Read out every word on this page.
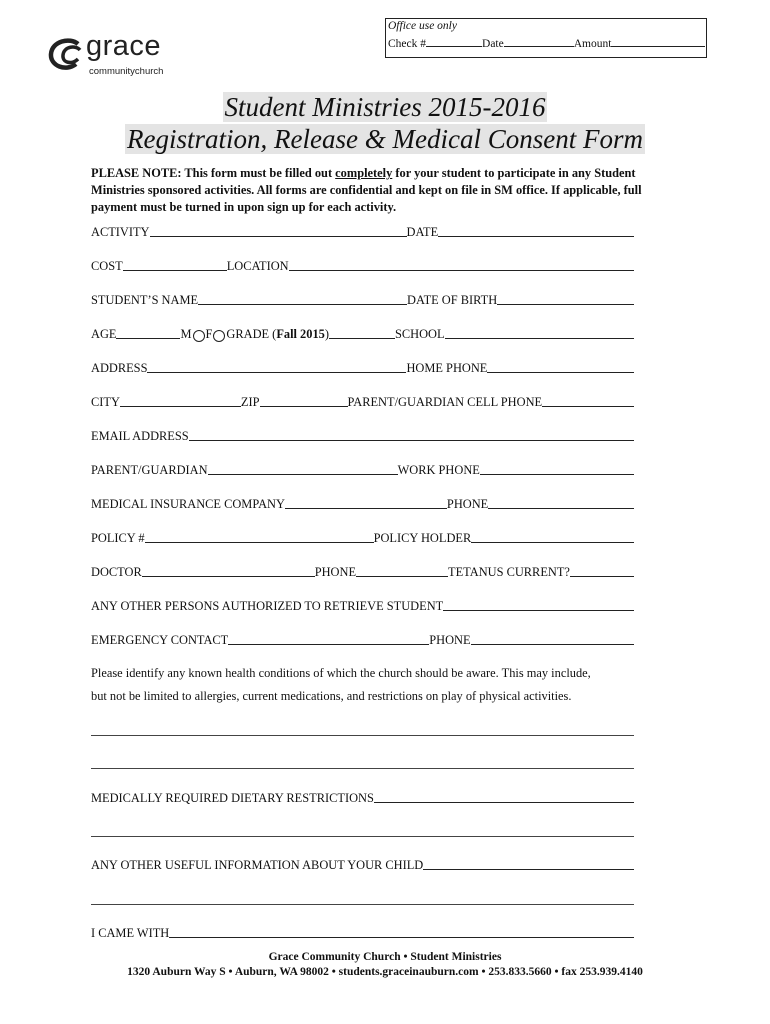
Office use only
Check #	Date	Amount
grace
communitychurch
Student Ministries 2015-2016
Registration, Release & Medical Consent Form
PLEASE NOTE: This form must be filled out completely for your student to participate in any Student Ministries sponsored activities. All forms are confidential and kept on file in SM office. If applicable, full payment must be turned in upon sign up for each activity.
ACTIVITY	DATE
COST	LOCATION
STUDENT’S NAME	DATE OF BIRTH
AGE	M F GRADE ( Fall 2015 )	SCHOOL
ADDRESS	HOME PHONE
CITY	ZIP	PARENT/GUARDIAN CELL PHONE
EMAIL ADDRESS
PARENT/GUARDIAN	WORK PHONE
MEDICAL INSURANCE COMPANY	PHONE
POLICY #	POLICY HOLDER
DOCTOR	PHONE	TETANUS CURRENT?
ANY OTHER PERSONS AUTHORIZED TO RETRIEVE STUDENT
EMERGENCY CONTACT	PHONE
Please identify any known health conditions of which the church should be aware. This may include,
but not be limited to allergies, current medications, and restrictions on play of physical activities.
MEDICALLY REQUIRED DIETARY RESTRICTIONS
ANY OTHER USEFUL INFORMATION ABOUT YOUR CHILD
I CAME WITH
Grace Community Church • Student Ministries
1320 Auburn Way S • Auburn, WA 98002 • students.graceinauburn.com • 253.833.5660 • fax 253.939.4140
